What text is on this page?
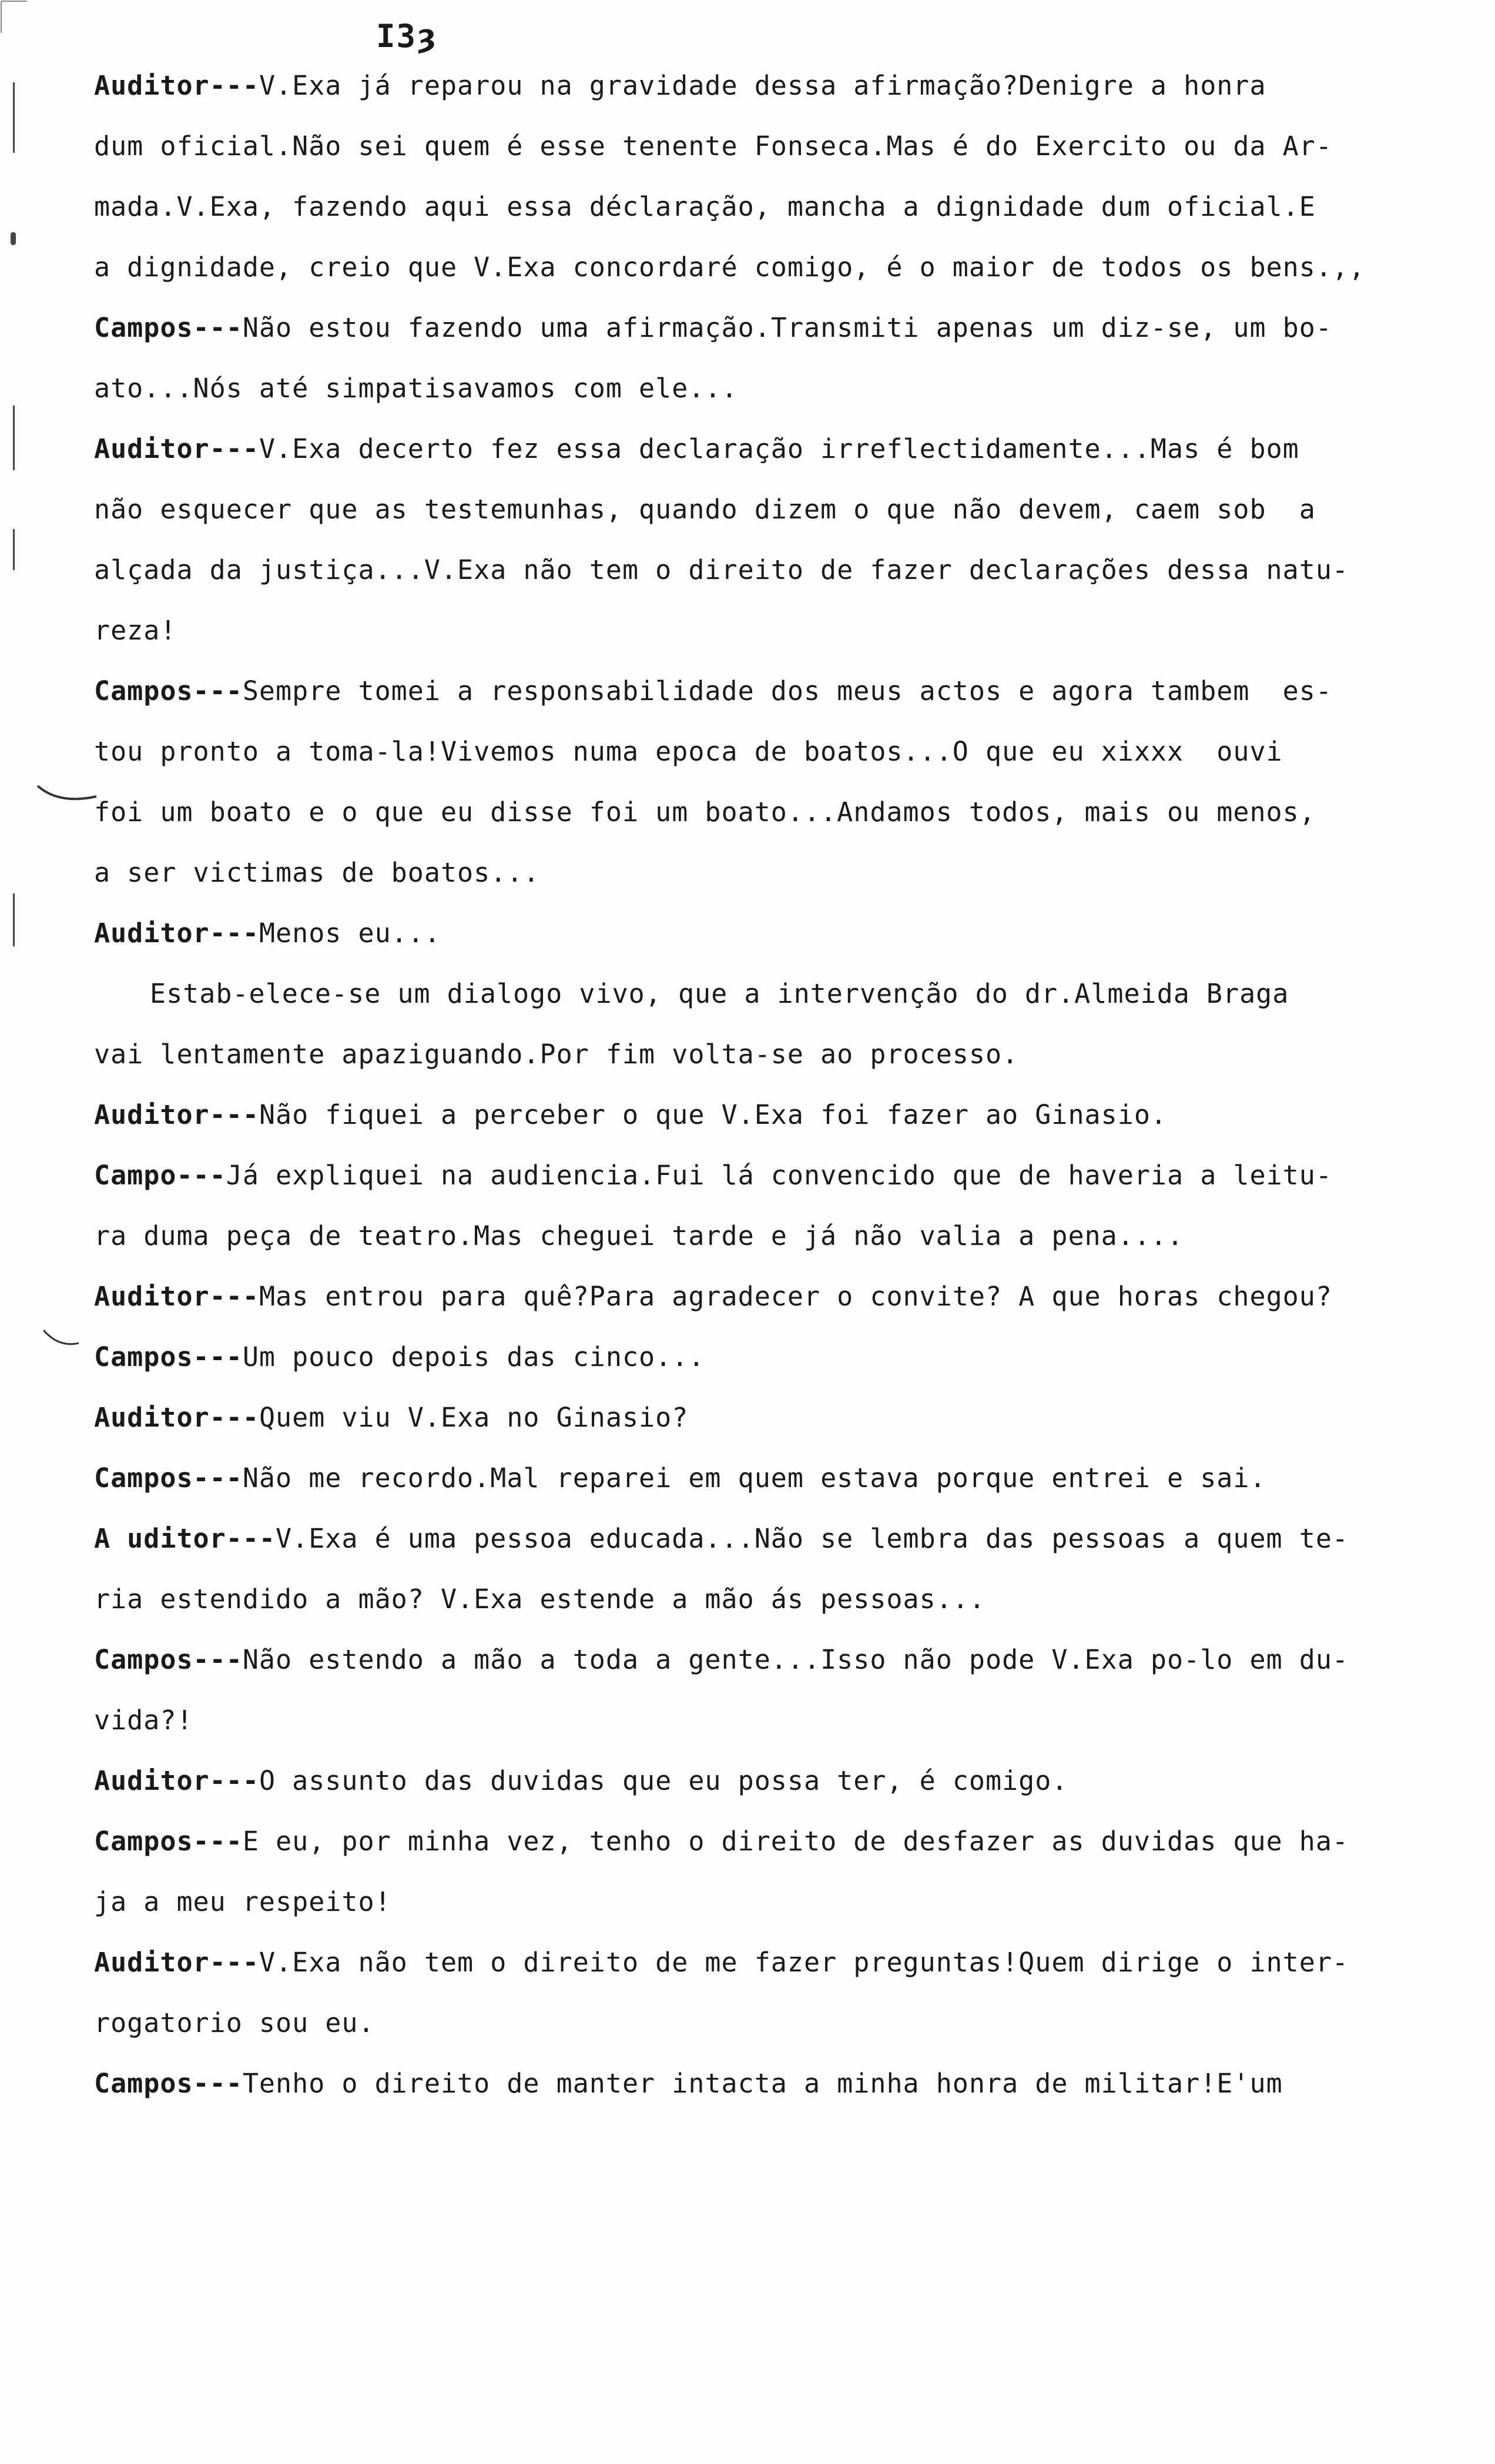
I3ȝ
Auditor---V.Exa já reparou na gravidade dessa afirmação?Denigre a honra
dum oficial.Não sei quem é esse tenente Fonseca.Mas é do Exercito ou da Ar-
mada.V.Exa, fazendo aqui essa déclaração, mancha a dignidade dum oficial.E
a dignidade, creio que V.Exa concordaré comigo, é o maior de todos os bens.,,
Campos---Não estou fazendo uma afirmação.Transmiti apenas um diz-se, um bo-
ato...Nós até simpatisavamos com ele...
Auditor---V.Exa decerto fez essa declaração irreflectidamente...Mas é bom
não esquecer que as testemunhas, quando dizem o que não devem, caem sob  a
alçada da justiça...V.Exa não tem o direito de fazer declarações dessa natu-
reza!
Campos---Sempre tomei a responsabilidade dos meus actos e agora tambem  es-
tou pronto a toma-la!Vivemos numa epoca de boatos...O que eu xixxx  ouvi
foi um boato e o que eu disse foi um boato...Andamos todos, mais ou menos,
a ser victimas de boatos...
Auditor---Menos eu...
Estab-elece-se um dialogo vivo, que a intervenção do dr.Almeida Braga
vai lentamente apaziguando.Por fim volta-se ao processo.
Auditor---Não fiquei a perceber o que V.Exa foi fazer ao Ginasio.
Campo---Já expliquei na audiencia.Fui lá convencido que de haveria a leitu-
ra duma peça de teatro.Mas cheguei tarde e já não valia a pena....
Auditor---Mas entrou para quê?Para agradecer o convite? A que horas chegou?
Campos---Um pouco depois das cinco...
Auditor---Quem viu V.Exa no Ginasio?
Campos---Não me recordo.Mal reparei em quem estava porque entrei e sai.
A uditor---V.Exa é uma pessoa educada...Não se lembra das pessoas a quem te-
ria estendido a mão? V.Exa estende a mão ás pessoas...
Campos---Não estendo a mão a toda a gente...Isso não pode V.Exa po-lo em du-
vida?!
Auditor---O assunto das duvidas que eu possa ter, é comigo.
Campos---E eu, por minha vez, tenho o direito de desfazer as duvidas que ha-
ja a meu respeito!
Auditor---V.Exa não tem o direito de me fazer preguntas!Quem dirige o inter-
rogatorio sou eu.
Campos---Tenho o direito de manter intacta a minha honra de militar!E'um
